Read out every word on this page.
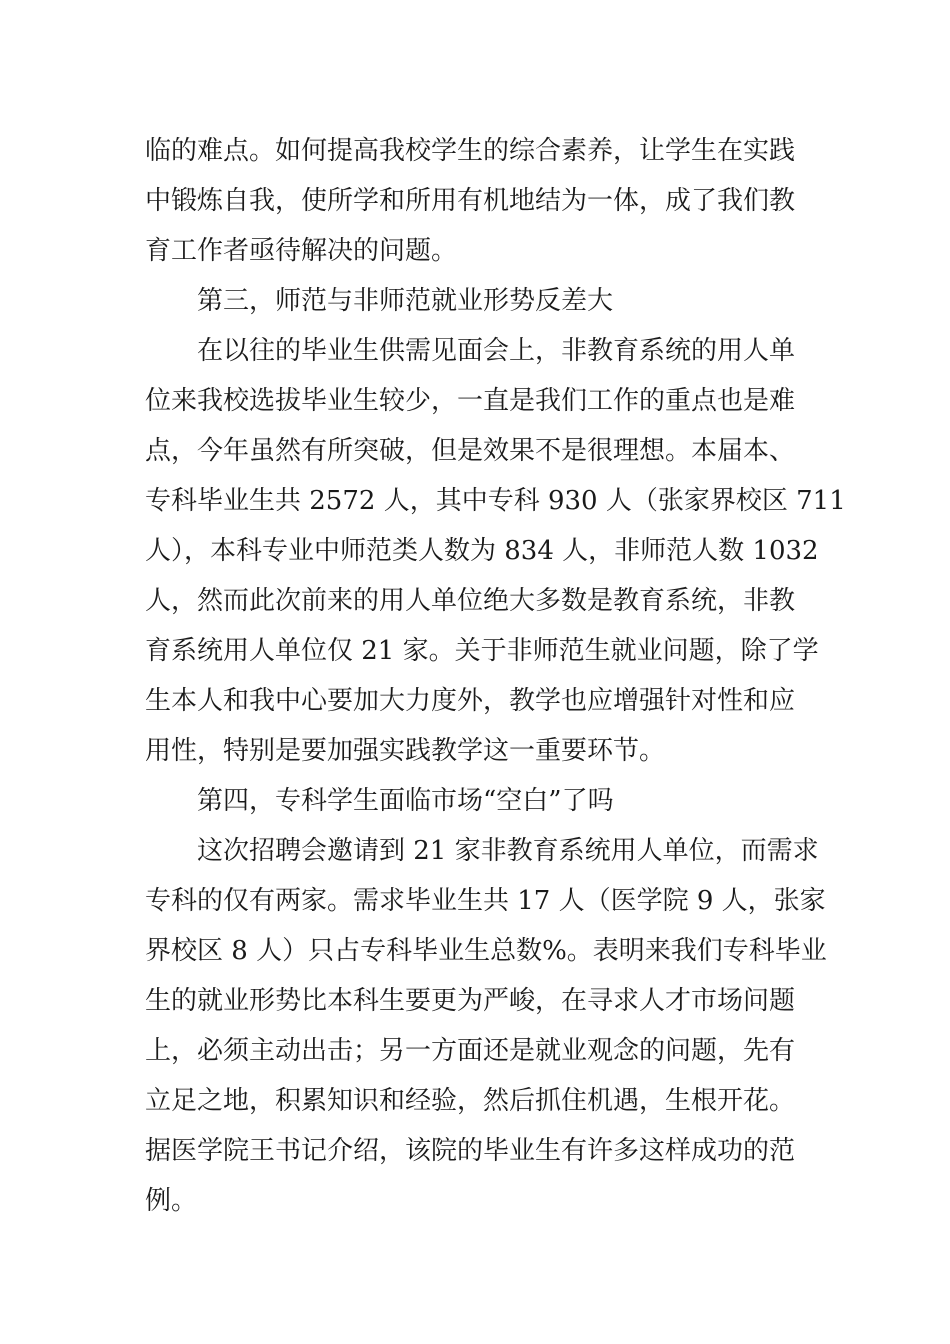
临的难点。如何提高我校学生的综合素养，让学生在实践
中锻炼自我，使所学和所用有机地结为一体，成了我们教
育工作者亟待解决的问题。
第三，师范与非师范就业形势反差大
在以往的毕业生供需见面会上，非教育系统的用人单
位来我校选拔毕业生较少，一直是我们工作的重点也是难
点，今年虽然有所突破，但是效果不是很理想。本届本、
专科毕业生共 2572 人，其中专科 930 人（张家界校区 711
人），本科专业中师范类人数为 834 人，非师范人数 1032
人，然而此次前来的用人单位绝大多数是教育系统，非教
育系统用人单位仅 21 家。关于非师范生就业问题，除了学
生本人和我中心要加大力度外，教学也应增强针对性和应
用性，特别是要加强实践教学这一重要环节。
第四，专科学生面临市场“空白”了吗
这次招聘会邀请到 21 家非教育系统用人单位，而需求
专科的仅有两家。需求毕业生共 17 人（医学院 9 人，张家
界校区 8 人）只占专科毕业生总数%。表明来我们专科毕业
生的就业形势比本科生要更为严峻，在寻求人才市场问题
上，必须主动出击；另一方面还是就业观念的问题，先有
立足之地，积累知识和经验，然后抓住机遇，生根开花。
据医学院王书记介绍，该院的毕业生有许多这样成功的范
例。
